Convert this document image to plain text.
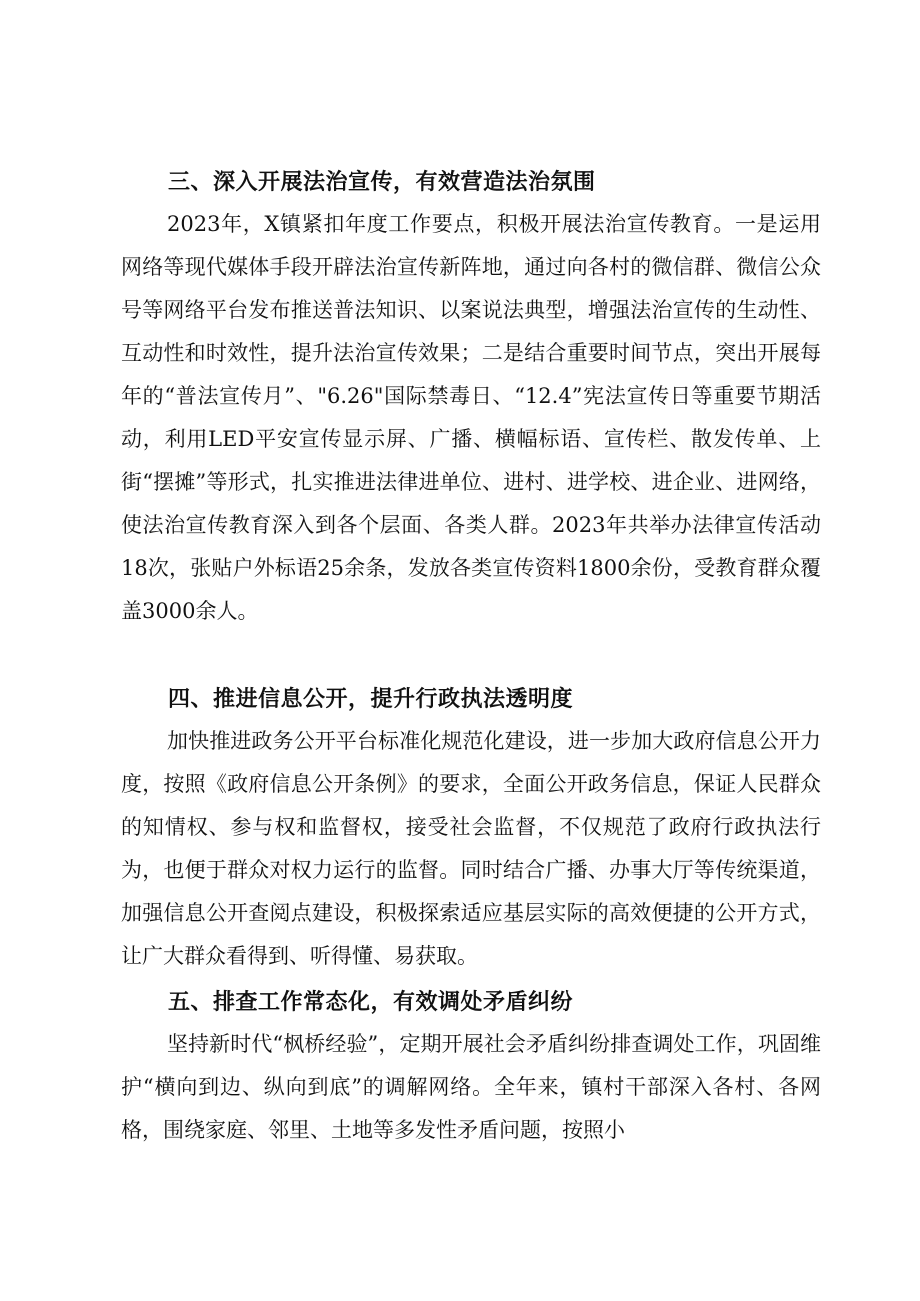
三、深入开展法治宣传，有效营造法治氛围

2023年，X镇紧扣年度工作要点，积极开展法治宣传教育。一是运用网络等现代媒体手段开辟法治宣传新阵地，通过向各村的微信群、微信公众号等网络平台发布推送普法知识、以案说法典型，增强法治宣传的生动性、互动性和时效性，提升法治宣传效果；二是结合重要时间节点，突出开展每年的“普法宣传月”、"6.26"国际禁毒日、“12.4”宪法宣传日等重要节期活动，利用LED平安宣传显示屏、广播、横幅标语、宣传栏、散发传单、上街“摆摊”等形式，扎实推进法律进单位、进村、进学校、进企业、进网络，使法治宣传教育深入到各个层面、各类人群。2023年共举办法律宣传活动18次，张贴户外标语25余条，发放各类宣传资料1800余份，受教育群众覆盖3000余人。

四、推进信息公开，提升行政执法透明度

加快推进政务公开平台标准化规范化建设，进一步加大政府信息公开力度，按照《政府信息公开条例》的要求，全面公开政务信息，保证人民群众的知情权、参与权和监督权，接受社会监督，不仅规范了政府行政执法行为，也便于群众对权力运行的监督。同时结合广播、办事大厅等传统渠道，加强信息公开查阅点建设，积极探索适应基层实际的高效便捷的公开方式，让广大群众看得到、听得懂、易获取。

五、排查工作常态化，有效调处矛盾纠纷

坚持新时代“枫桥经验”，定期开展社会矛盾纠纷排查调处工作，巩固维护“横向到边、纵向到底”的调解网络。全年来，镇村干部深入各村、各网格，围绕家庭、邻里、土地等多发性矛盾问题，按照小
